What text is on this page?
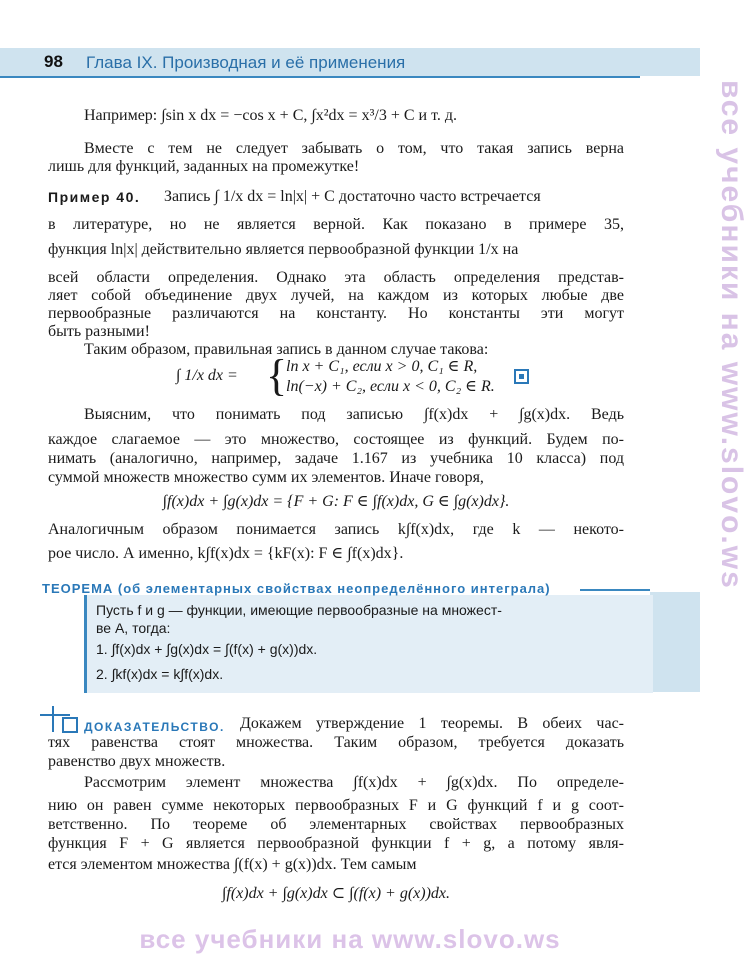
98 Глава IX. Производная и её применения
все учебники на www.slovo.ws
Например: ∫sin x dx = −cos x + C, ∫x²dx = x³/3 + C и т. д.
Вместе с тем не следует забывать о том, что такая запись верна
лишь для функций, заданных на промежутке!
Пример 40.	Запись ∫ 1/x dx = ln|x| + C достаточно часто встречается
в литературе, но не является верной. Как показано в примере 35,
функция ln|x| действительно является первообразной функции 1/x на
всей области определения. Однако эта область определения представ-
ляет собой объединение двух лучей, на каждом из которых любые две
первообразные различаются на константу. Но константы эти могут
быть разными!
Таким образом, правильная запись в данном случае такова:
∫ 1/x dx = {
ln x + C₁, если x > 0, C₁ ∈ R,
ln(−x) + C₂, если x < 0, C₂ ∈ R.
Выясним, что понимать под записью ∫f(x)dx + ∫g(x)dx. Ведь
каждое слагаемое — это множество, состоящее из функций. Будем по-
нимать (аналогично, например, задаче 1.167 из учебника 10 класса) под
суммой множеств множество сумм их элементов. Иначе говоря,
∫f(x)dx + ∫g(x)dx = {F + G: F ∈ ∫f(x)dx, G ∈ ∫g(x)dx}.
Аналогичным образом понимается запись k∫f(x)dx, где k — некото-
рое число. А именно, k∫f(x)dx = {kF(x): F ∈ ∫f(x)dx}.
ТЕОРЕМА (об элементарных свойствах неопределённого интеграла)
Пусть f и g — функции, имеющие первообразные на множест-
ве A, тогда:
1. ∫f(x)dx + ∫g(x)dx = ∫(f(x) + g(x))dx.
2. ∫kf(x)dx = k∫f(x)dx.
ДОКАЗАТЕЛЬСТВО. Докажем утверждение 1 теоремы. В обеих час-
тях равенства стоят множества. Таким образом, требуется доказать
равенство двух множеств.
Рассмотрим элемент множества ∫f(x)dx + ∫g(x)dx. По определе-
нию он равен сумме некоторых первообразных F и G функций f и g соот-
ветственно. По теореме об элементарных свойствах первообразных
функция F + G является первообразной функции f + g, а потому явля-
ется элементом множества ∫(f(x) + g(x))dx. Тем самым
∫f(x)dx + ∫g(x)dx ⊂ ∫(f(x) + g(x))dx.
все учебники на www.slovo.ws
